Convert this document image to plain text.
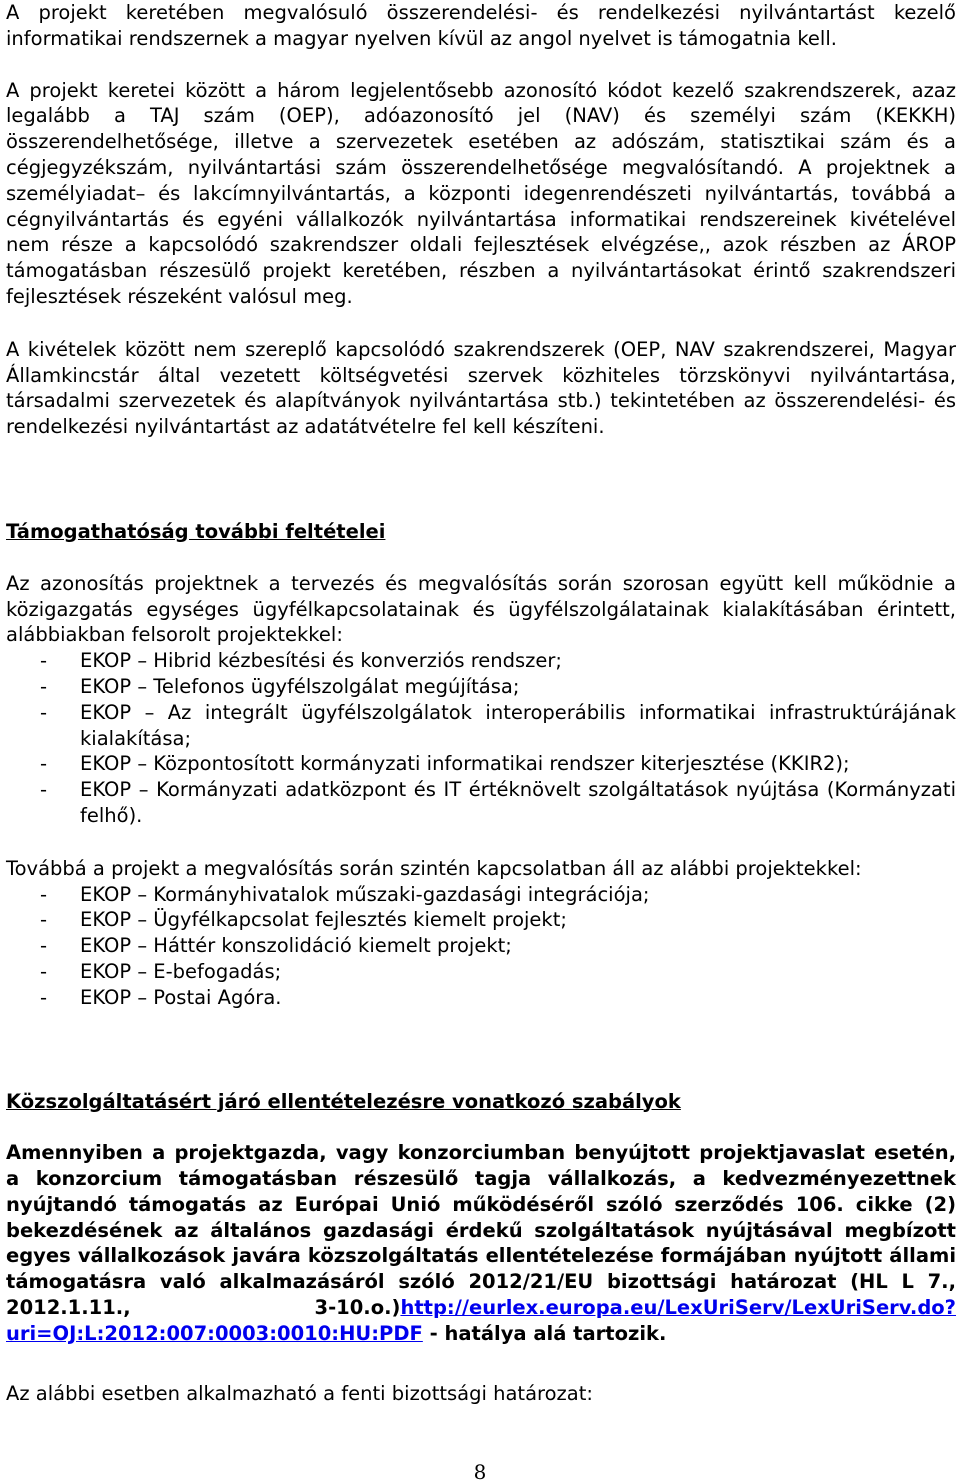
A projekt keretében megvalósuló összerendelési- és rendelkezési nyilvántartást kezelő informatikai rendszernek a magyar nyelven kívül az angol nyelvet is támogatnia kell.

A projekt keretei között a három legjelentősebb azonosító kódot kezelő szakrendszerek, azaz legalább a TAJ szám (OEP), adóazonosító jel (NAV) és személyi szám (KEKKH) összerendelhetősége, illetve a szervezetek esetében az adószám, statisztikai szám és a cégjegyzékszám, nyilvántartási szám összerendelhetősége megvalósítandó. A projektnek a személyiadat– és lakcímnyilvántartás, a központi idegenrendészeti nyilvántartás, továbbá a cégnyilvántartás és egyéni vállalkozók nyilvántartása informatikai rendszereinek kivételével nem része a kapcsolódó szakrendszer oldali fejlesztések elvégzése,, azok részben az ÁROP támogatásban részesülő projekt keretében, részben a nyilvántartásokat érintő szakrendszeri fejlesztések részeként valósul meg.

A kivételek között nem szereplő kapcsolódó szakrendszerek (OEP, NAV szakrendszerei, Magyar Államkincstár által vezetett költségvetési szervek közhiteles törzskönyvi nyilvántartása, társadalmi szervezetek és alapítványok nyilvántartása stb.) tekintetében az összerendelési- és rendelkezési nyilvántartást az adatátvételre fel kell készíteni.

Támogathatóság további feltételei

Az azonosítás projektnek a tervezés és megvalósítás során szorosan együtt kell működnie a közigazgatás egységes ügyfélkapcsolatainak és ügyfélszolgálatainak kialakításában érintett, alábbiakban felsorolt projektekkel:

- EKOP – Hibrid kézbesítési és konverziós rendszer;
- EKOP – Telefonos ügyfélszolgálat megújítása;
- EKOP – Az integrált ügyfélszolgálatok interoperábilis informatikai infrastruktúrájának kialakítása;
- EKOP – Központosított kormányzati informatikai rendszer kiterjesztése (KKIR2);
- EKOP – Kormányzati adatközpont és IT értéknövelt szolgáltatások nyújtása (Kormányzati felhő).

Továbbá a projekt a megvalósítás során szintén kapcsolatban áll az alábbi projektekkel:

- EKOP – Kormányhivatalok műszaki-gazdasági integrációja;
- EKOP – Ügyfélkapcsolat fejlesztés kiemelt projekt;
- EKOP – Háttér konszolidáció kiemelt projekt;
- EKOP – E-befogadás;
- EKOP – Postai Agóra.

Közszolgáltatásért járó ellentételezésre vonatkozó szabályok

Amennyiben a projektgazda, vagy konzorciumban benyújtott projektjavaslat esetén, a konzorcium támogatásban részesülő tagja vállalkozás, a kedvezményezettnek nyújtandó támogatás az Európai Unió működéséről szóló szerződés 106. cikke (2) bekezdésének az általános gazdasági érdekű szolgáltatások nyújtásával megbízott egyes vállalkozások javára közszolgáltatás ellentételezése formájában nyújtott állami támogatásra való alkalmazásáról szóló 2012/21/EU bizottsági határozat (HL L 7., 2012.1.11., 3-10.o.)http://eurlex.europa.eu/LexUriServ/LexUriServ.do?uri=OJ:L:2012:007:0003:0010:HU:PDF - hatálya alá tartozik.

Az alábbi esetben alkalmazható a fenti bizottsági határozat:

8
